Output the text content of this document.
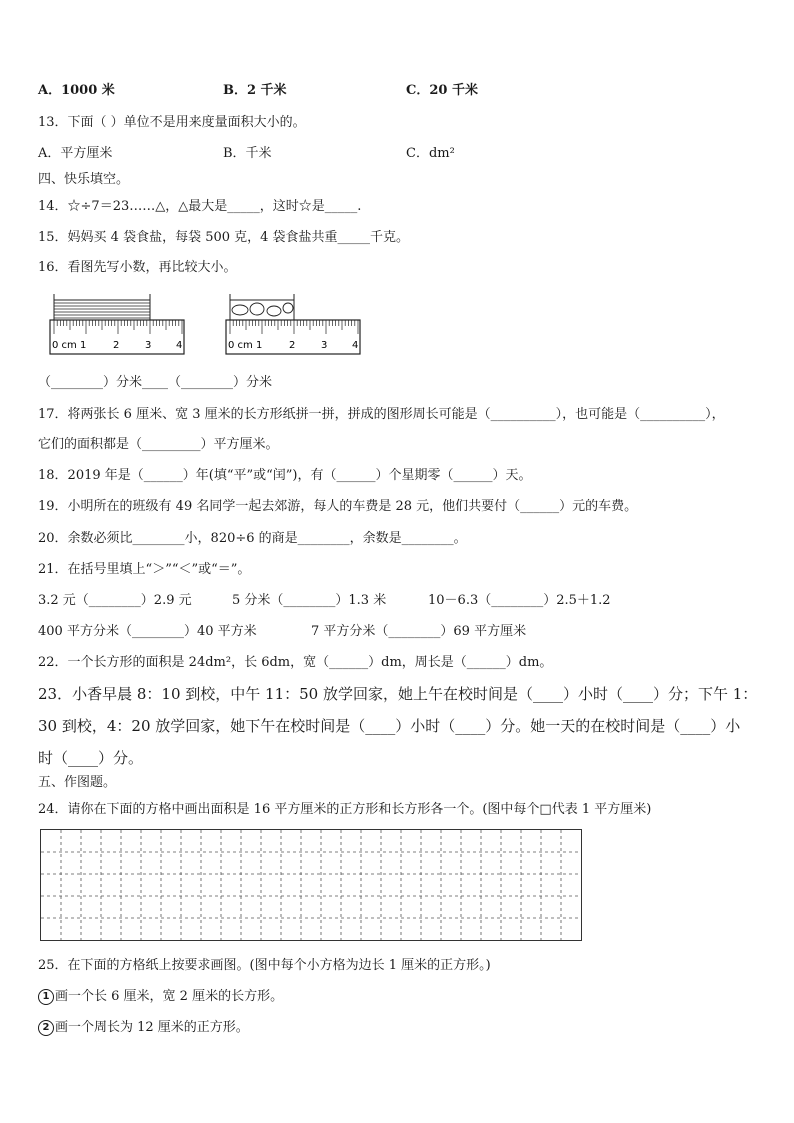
A．1000 米	B．2 千米	C．20 千米
13．下面（ ）单位不是用来度量面积大小的。
A．平方厘米	B．千米	C．dm²
四、快乐填空。
14．☆÷7＝23……△，△最大是_____，这时☆是_____.
15．妈妈买 4 袋食盐，每袋 500 克，4 袋食盐共重_____千克。
16．看图先写小数，再比较大小。
0 cm 1	2	3 4	0 cm 1	2	3 4
（________）分米____（________）分米
17．将两张长 6 厘米、宽 3 厘米的长方形纸拼一拼，拼成的图形周长可能是（__________），也可能是（__________），
它们的面积都是（_________）平方厘米。
18．2019 年是（______）年(填“平”或“闰”)，有（______）个星期零（______）天。
19．小明所在的班级有 49 名同学一起去郊游，每人的车费是 28 元，他们共要付（______）元的车费。
20．余数必须比________小，820÷6 的商是________，余数是________。
21．在括号里填上“＞”“＜”或“＝”。
3.2 元（________）2.9 元	5 分米（________）1.3 米	10－6.3（________）2.5＋1.2
400 平方分米（________）40 平方米	7 平方分米（________）69 平方厘米
22．一个长方形的面积是 24dm²，长 6dm，宽（______）dm，周长是（______）dm。
23．小香早晨 8：10 到校，中午 11：50 放学回家，她上午在校时间是（____）小时（____）分；下午 1：
30 到校，4：20 放学回家，她下午在校时间是（____）小时（____）分。她一天的在校时间是（____）小
时（____）分。
五、作图题。
24．请你在下面的方格中画出面积是 16 平方厘米的正方形和长方形各一个。(图中每个□代表 1 平方厘米)
25．在下面的方格纸上按要求画图。(图中每个小方格为边长 1 厘米的正方形。)
1 画一个长 6 厘米，宽 2 厘米的长方形。
2 画一个周长为 12 厘米的正方形。
